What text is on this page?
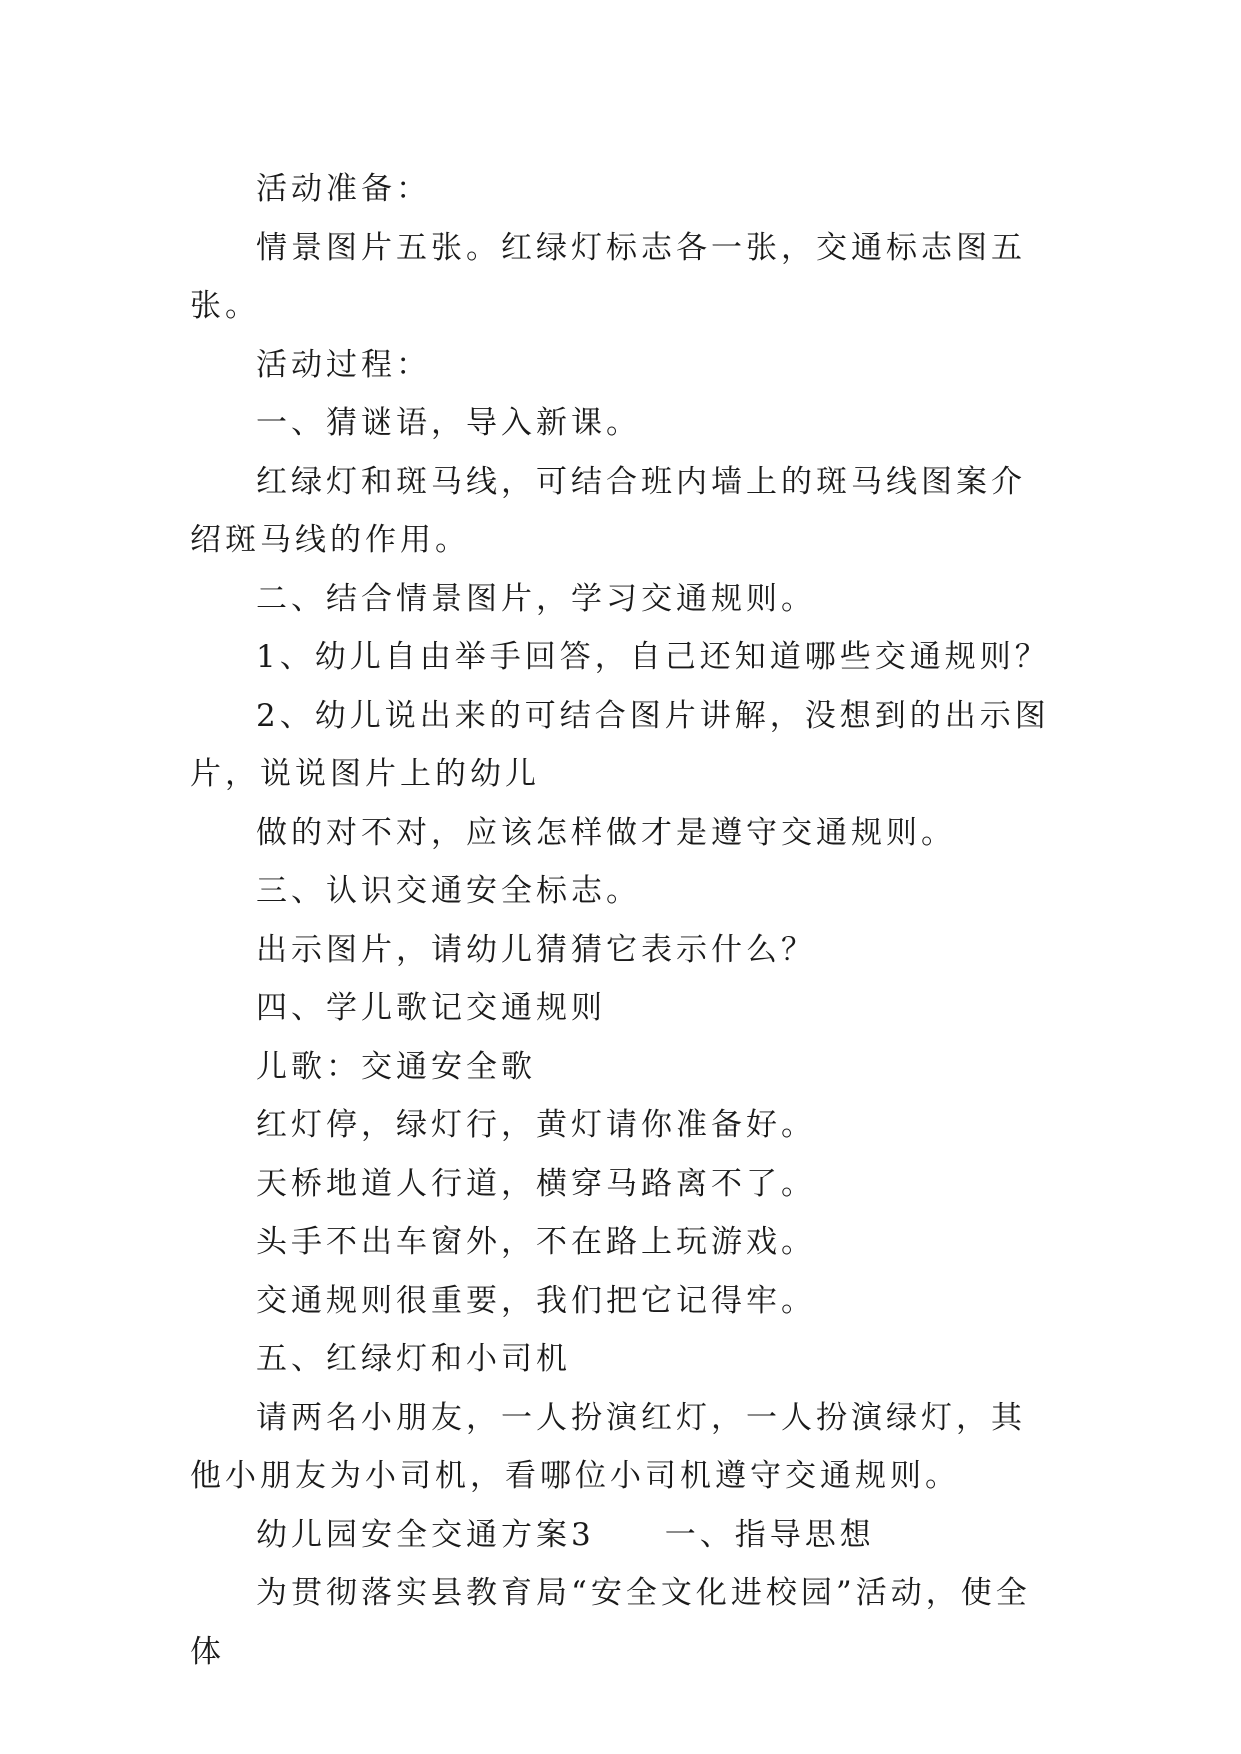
活动准备：

情景图片五张。红绿灯标志各一张，交通标志图五张。

活动过程：

一、猜谜语，导入新课。

红绿灯和斑马线，可结合班内墙上的斑马线图案介绍斑马线的作用。

二、结合情景图片，学习交通规则。

1、幼儿自由举手回答，自己还知道哪些交通规则？

2、幼儿说出来的可结合图片讲解，没想到的出示图片，说说图片上的幼儿

做的对不对，应该怎样做才是遵守交通规则。

三、认识交通安全标志。

出示图片，请幼儿猜猜它表示什么？

四、学儿歌记交通规则

儿歌：交通安全歌

红灯停，绿灯行，黄灯请你准备好。

天桥地道人行道，横穿马路离不了。

头手不出车窗外，不在路上玩游戏。

交通规则很重要，我们把它记得牢。

五、红绿灯和小司机

请两名小朋友，一人扮演红灯，一人扮演绿灯，其他小朋友为小司机，看哪位小司机遵守交通规则。

幼儿园安全交通方案3 一、指导思想

为贯彻落实县教育局“安全文化进校园”活动，使全体
